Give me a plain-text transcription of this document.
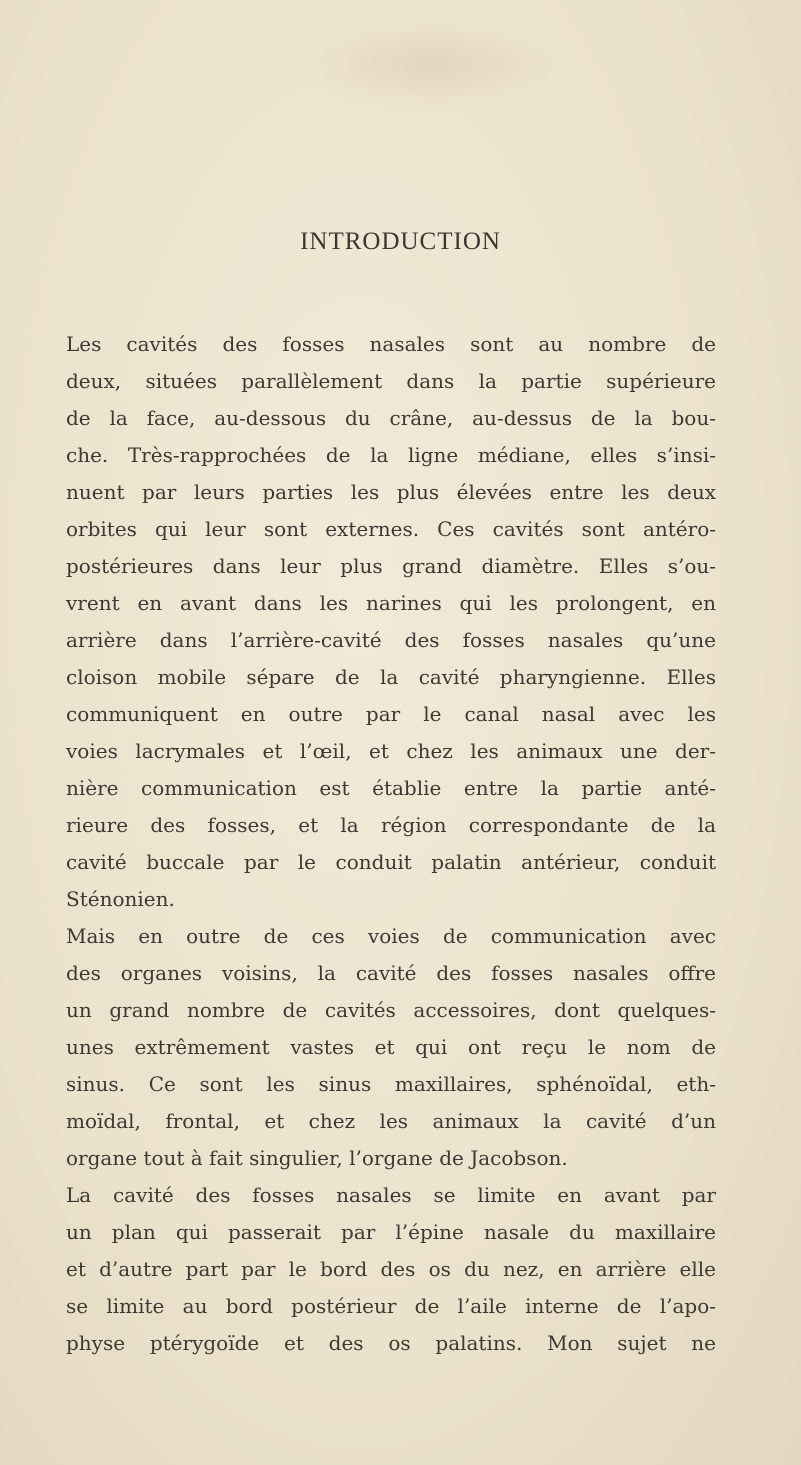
INTRODUCTION
Les cavités des fosses nasales sont au nombre de
deux, situées parallèlement dans la partie supérieure
de la face, au-dessous du crâne, au-dessus de la bou-
che. Très-rapprochées de la ligne médiane, elles s’insi-
nuent par leurs parties les plus élevées entre les deux
orbites qui leur sont externes. Ces cavités sont antéro-
postérieures dans leur plus grand diamètre. Elles s’ou-
vrent en avant dans les narines qui les prolongent, en
arrière dans l’arrière-cavité des fosses nasales qu’une
cloison mobile sépare de la cavité pharyngienne. Elles
communiquent en outre par le canal nasal avec les
voies lacrymales et l’œil, et chez les animaux une der-
nière communication est établie entre la partie anté-
rieure des fosses, et la région correspondante de la
cavité buccale par le conduit palatin antérieur, conduit
Sténonien.
Mais en outre de ces voies de communication avec
des organes voisins, la cavité des fosses nasales offre
un grand nombre de cavités accessoires, dont quelques-
unes extrêmement vastes et qui ont reçu le nom de
sinus. Ce sont les sinus maxillaires, sphénoïdal, eth-
moïdal, frontal, et chez les animaux la cavité d’un
organe tout à fait singulier, l’organe de Jacobson.
La cavité des fosses nasales se limite en avant par
un plan qui passerait par l’épine nasale du maxillaire
et d’autre part par le bord des os du nez, en arrière elle
se limite au bord postérieur de l’aile interne de l’apo-
physe ptérygoïde et des os palatins. Mon sujet ne
